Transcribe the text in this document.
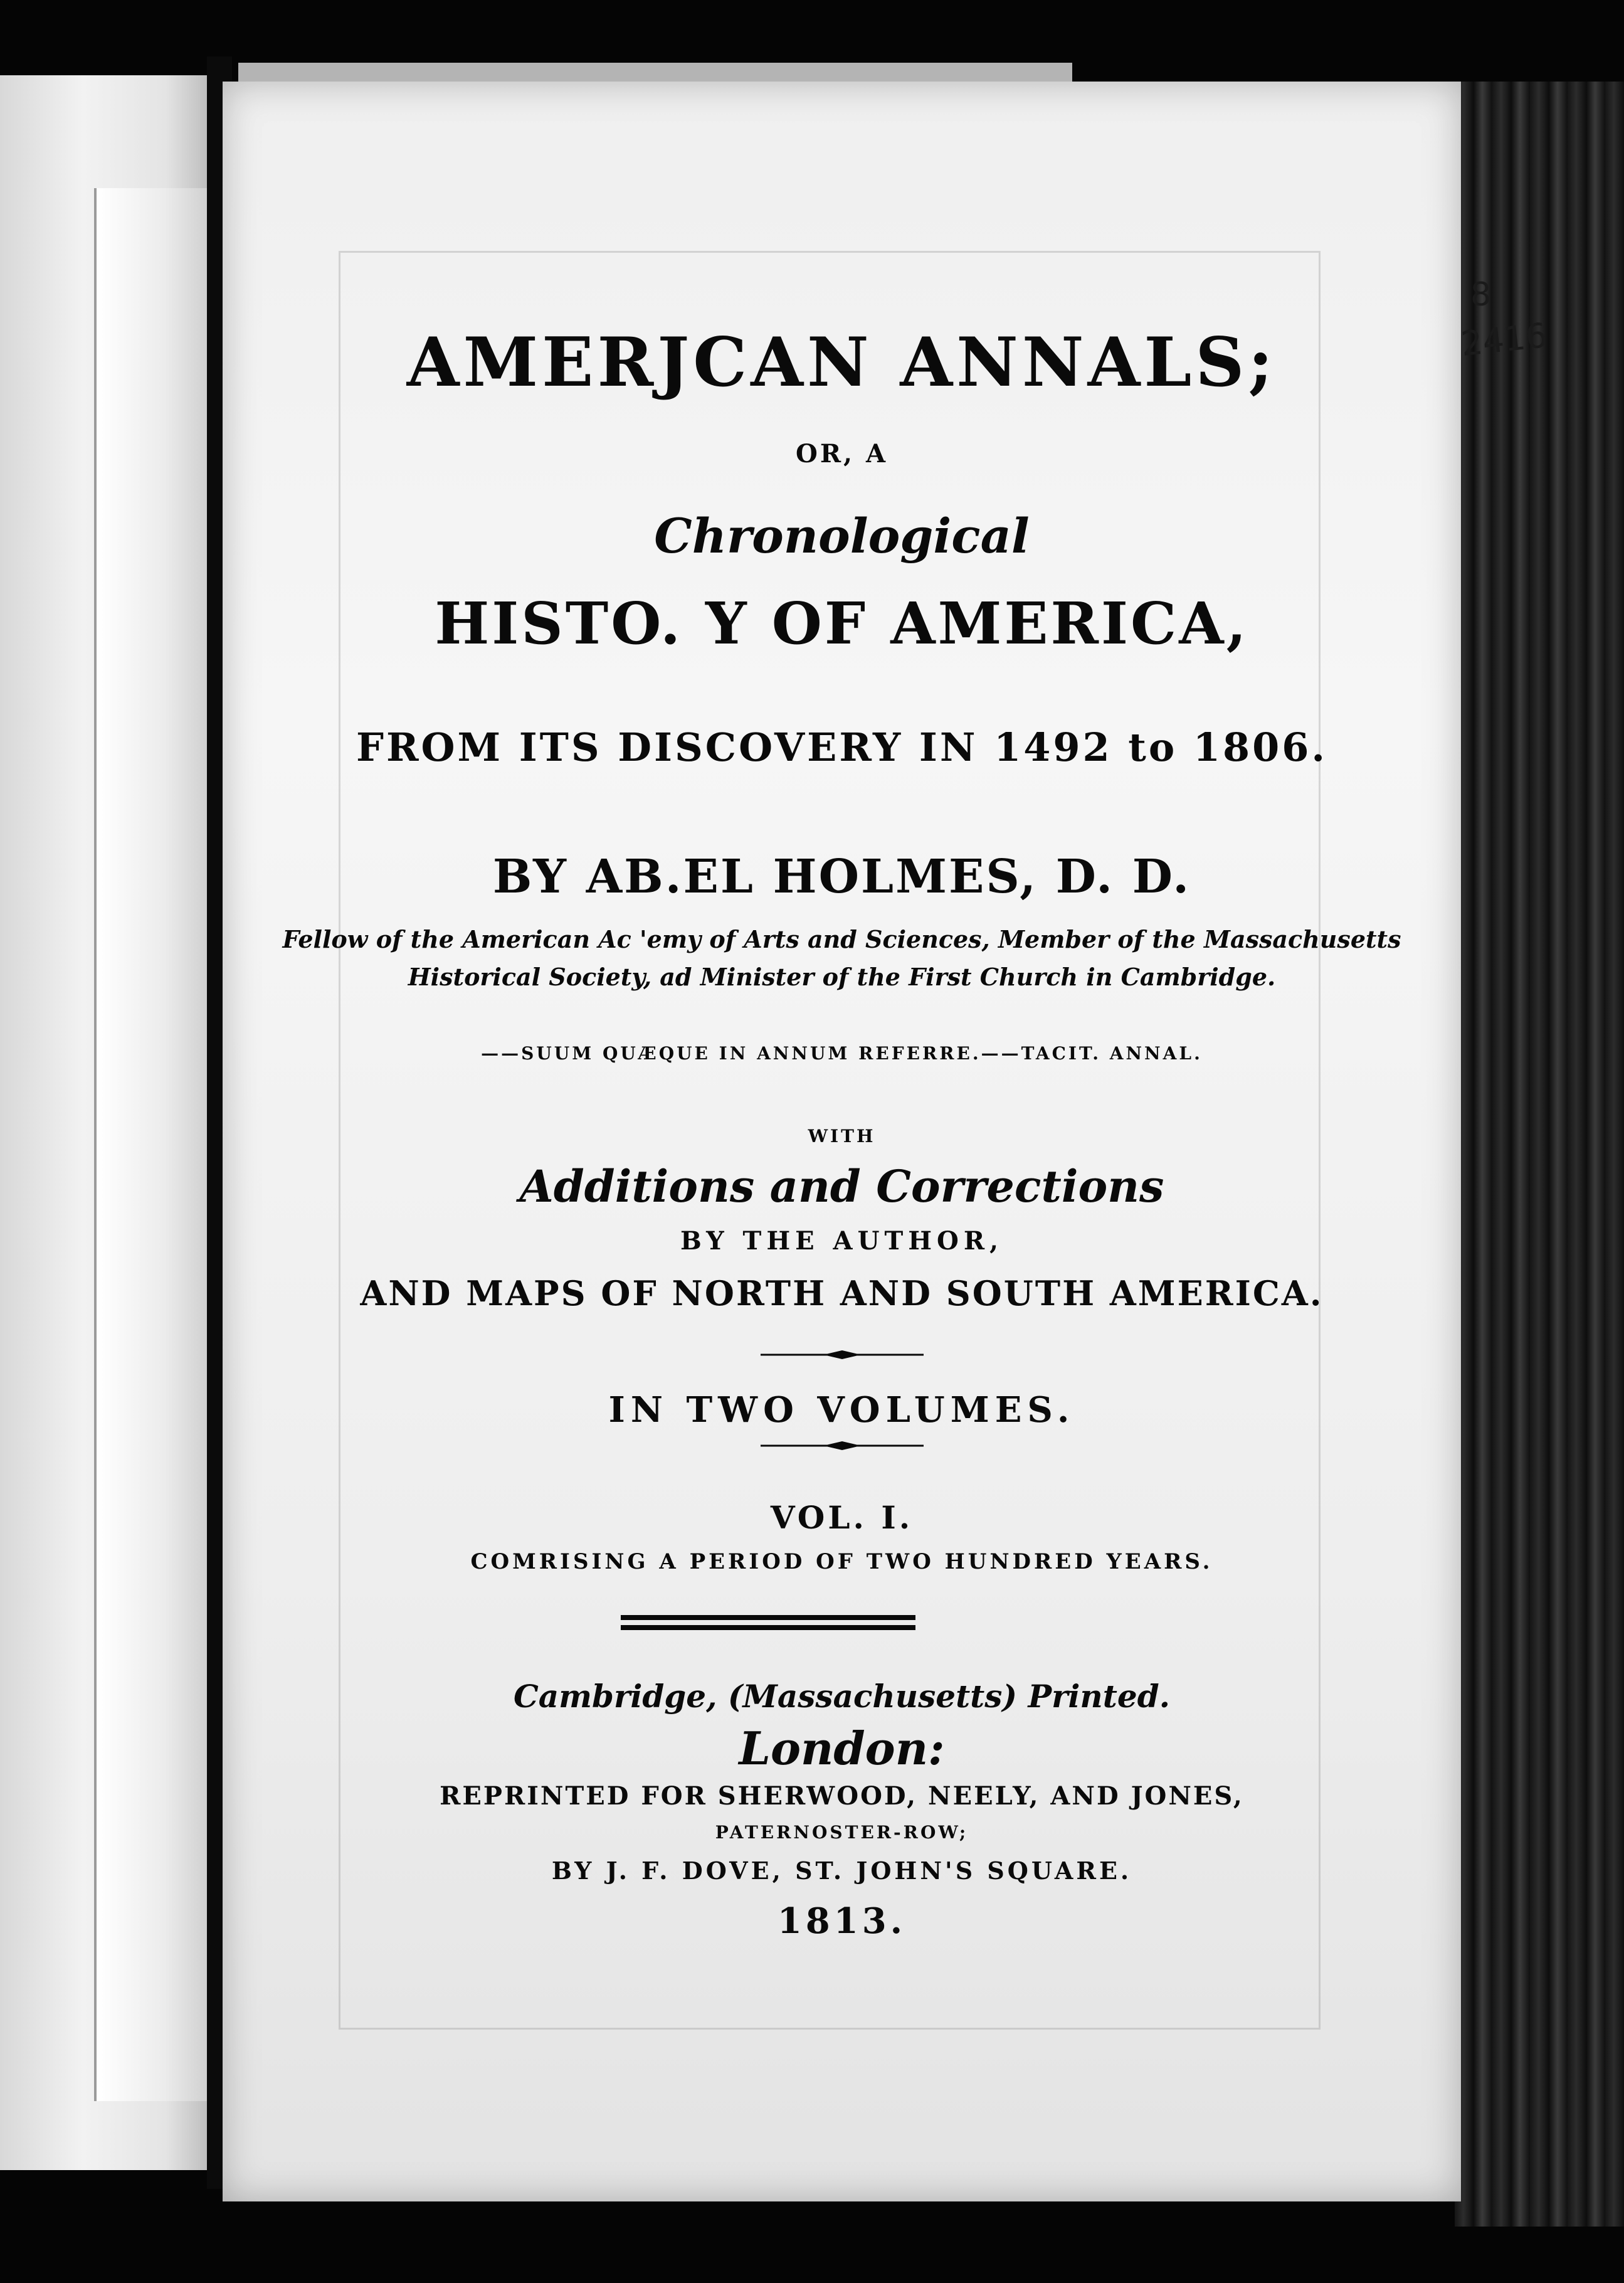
AMERJCAN ANNALS;
OR, A
Chronological
HISTO. Y OF AMERICA,
FROM ITS DISCOVERY IN 1492 to 1806.
BY AB.EL HOLMES, D. D.
Fellow of the American Ac 'emy of Arts and Sciences, Member of the Massachusetts
Historical Society, ad Minister of the First Church in Cambridge.
——SUUM QUÆQUE IN ANNUM REFERRE.——TACIT. ANNAL.
WITH
Additions and Corrections
BY THE AUTHOR,
AND MAPS OF NORTH AND SOUTH AMERICA.
IN TWO VOLUMES.
VOL. I.
COMRISING A PERIOD OF TWO HUNDRED YEARS.
Cambridge, (Massachusetts) Printed.
London:
REPRINTED FOR SHERWOOD, NEELY, AND JONES,
PATERNOSTER-ROW;
BY J. F. DOVE, ST. JOHN'S SQUARE.
1813.
8
2416
